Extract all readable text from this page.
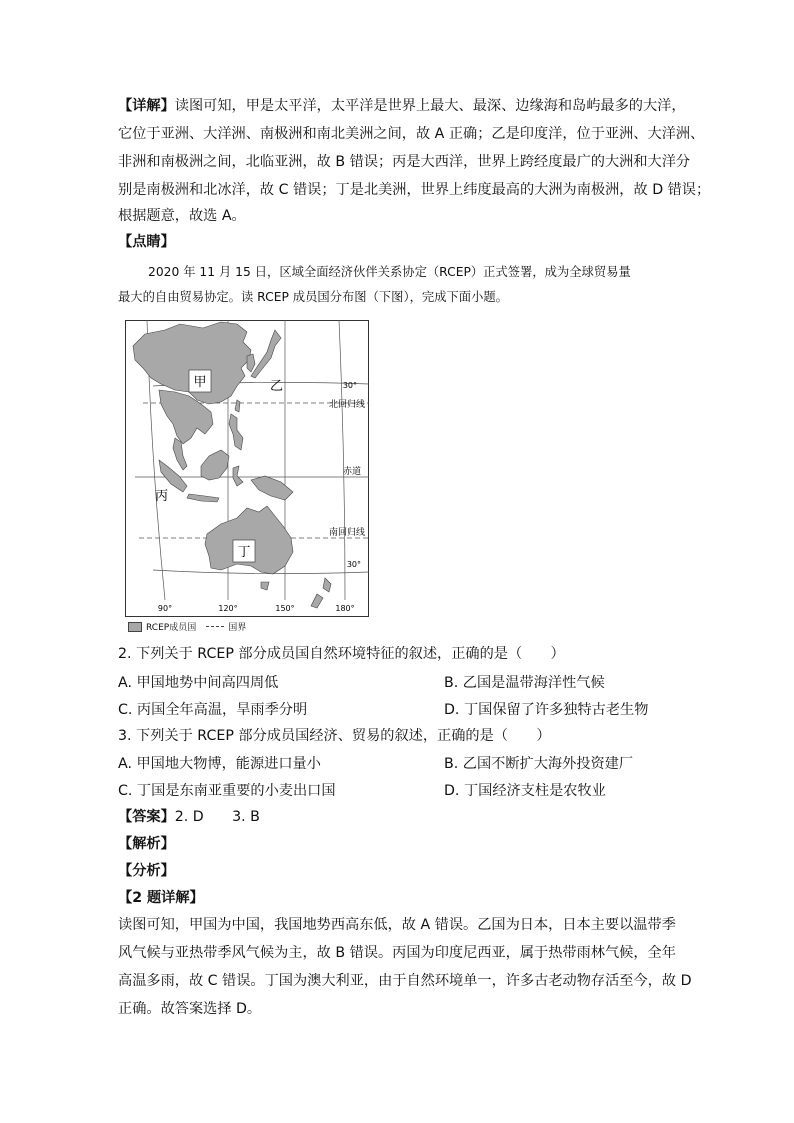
【详解】读图可知，甲是太平洋，太平洋是世界上最大、最深、边缘海和岛屿最多的大洋，
它位于亚洲、大洋洲、南极洲和南北美洲之间，故 A 正确；乙是印度洋，位于亚洲、大洋洲、
非洲和南极洲之间，北临亚洲，故 B 错误；丙是大西洋，世界上跨经度最广的大洲和大洋分
别是南极洲和北冰洋，故 C 错误；丁是北美洲，世界上纬度最高的大洲为南极洲，故 D 错误；
根据题意，故选 A。
【点睛】
2020 年 11 月 15 日，区域全面经济伙伴关系协定（RCEP）正式签署，成为全球贸易量
最大的自由贸易协定。读 RCEP 成员国分布图（下图），完成下面小题。
甲	乙
丙
丁
30°
北回归线
赤道
南回归线
30°
90°	120°	150°	180°
RCEP成员国	国界
2. 下列关于 RCEP 部分成员国自然环境特征的叙述，正确的是（　　）
A. 甲国地势中间高四周低	B. 乙国是温带海洋性气候
C. 丙国全年高温，旱雨季分明	D. 丁国保留了许多独特古老生物
3. 下列关于 RCEP 部分成员国经济、贸易的叙述，正确的是（　　）
A. 甲国地大物博，能源进口量小	B. 乙国不断扩大海外投资建厂
C. 丁国是东南亚重要的小麦出口国	D. 丁国经济支柱是农牧业
【答案】2. D　　3. B
【解析】
【分析】
【2 题详解】
读图可知，甲国为中国，我国地势西高东低，故 A 错误。乙国为日本，日本主要以温带季
风气候与亚热带季风气候为主，故 B 错误。丙国为印度尼西亚，属于热带雨林气候，全年
高温多雨，故 C 错误。丁国为澳大利亚，由于自然环境单一，许多古老动物存活至今，故 D
正确。故答案选择 D。
